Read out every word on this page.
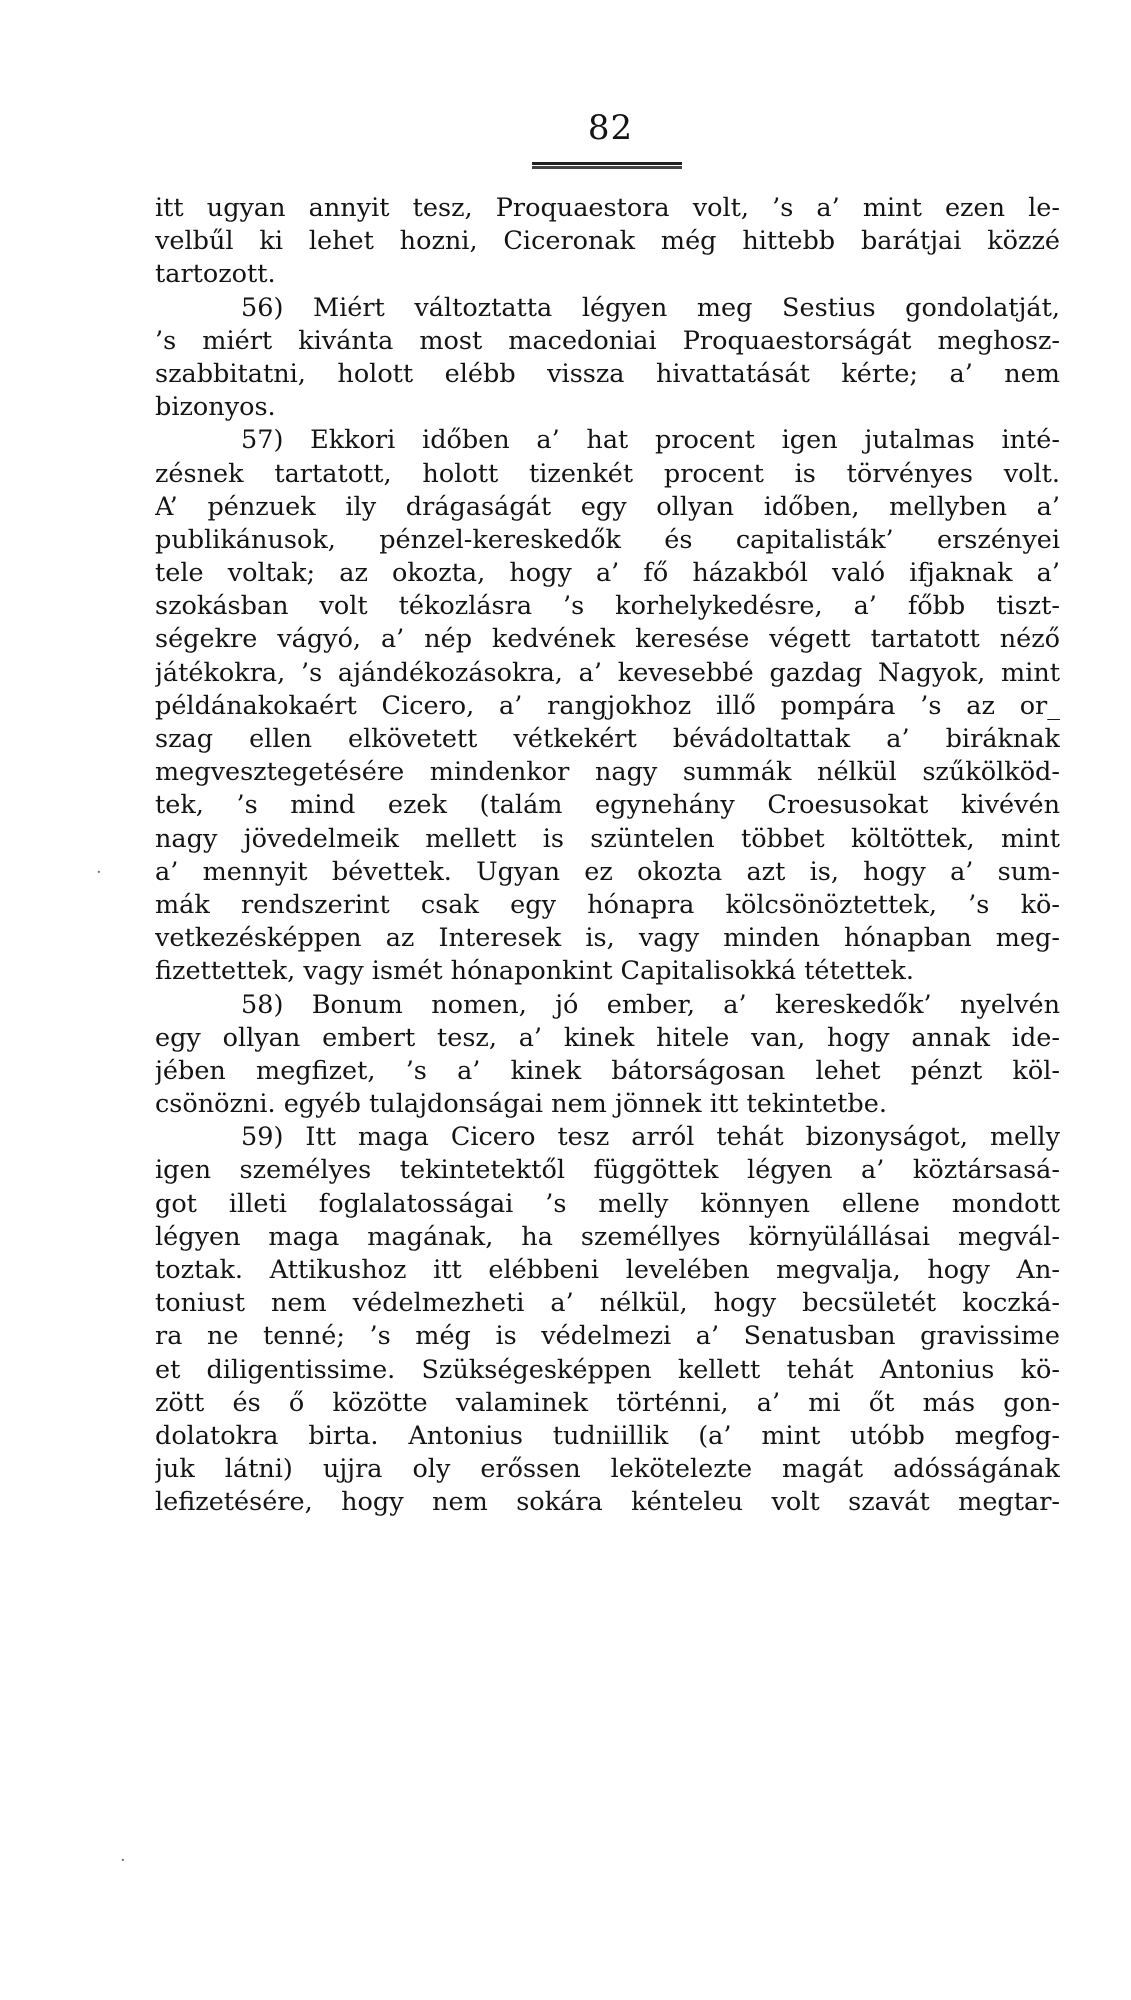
82
itt ugyan annyit tesz, Proquaestora volt, ’s a’ mint ezen le-
velbűl ki lehet hozni, Ciceronak még hittebb barátjai közzé
tartozott.
56) Miért változtatta légyen meg Sestius gondolatját,
’s miért kivánta most macedoniai Proquaestorságát meghosz-
szabbitatni, holott elébb vissza hivattatását kérte; a’ nem
bizonyos.
57) Ekkori időben a’ hat procent igen jutalmas inté-
zésnek tartatott, holott tizenkét procent is törvényes volt.
A’ pénzuek ily drágaságát egy ollyan időben, mellyben a’
publikánusok, pénzel-kereskedők és capitalisták’ erszényei
tele voltak; az okozta, hogy a’ fő házakból való ifjaknak a’
szokásban volt tékozlásra ’s korhelykedésre, a’ főbb tiszt-
ségekre vágyó, a’ nép kedvének keresése végett tartatott néző
játékokra, ’s ajándékozásokra, a’ kevesebbé gazdag Nagyok, mint
példánakokaért Cicero, a’ rangjokhoz illő pompára ’s az or_
szag ellen elkövetett vétkekért bévádoltattak a’ biráknak
megvesztegetésére mindenkor nagy summák nélkül szűkölköd-
tek, ’s mind ezek (talám egynehány Croesusokat kivévén
nagy jövedelmeik mellett is szüntelen többet költöttek, mint
a’ mennyit bévettek. Ugyan ez okozta azt is, hogy a’ sum-
mák rendszerint csak egy hónapra kölcsönöztettek, ’s kö-
vetkezésképpen az Interesek is, vagy minden hónapban meg-
fizettettek, vagy ismét hónaponkint Capitalisokká tétettek.
58) Bonum nomen, jó ember, a’ kereskedők’ nyelvén
egy ollyan embert tesz, a’ kinek hitele van, hogy annak ide-
jében megfizet, ’s a’ kinek bátorságosan lehet pénzt köl-
csönözni. egyéb tulajdonságai nem jönnek itt tekintetbe.
59) Itt maga Cicero tesz arról tehát bizonyságot, melly
igen személyes tekintetektől függöttek légyen a’ köztársasá-
got illeti foglalatosságai ’s melly könnyen ellene mondott
légyen maga magának, ha személlyes környülállásai megvál-
toztak. Attikushoz itt elébbeni levelében megvalja, hogy An-
toniust nem védelmezheti a’ nélkül, hogy becsületét koczká-
ra ne tenné; ’s még is védelmezi a’ Senatusban gravissime
et diligentissime. Szükségesképpen kellett tehát Antonius kö-
zött és ő közötte valaminek történni, a’ mi őt más gon-
dolatokra birta. Antonius tudniillik (a’ mint utóbb megfog-
juk látni) ujjra oly erőssen lekötelezte magát adósságának
lefizetésére, hogy nem sokára kénteleu volt szavát megtar-
·
·
